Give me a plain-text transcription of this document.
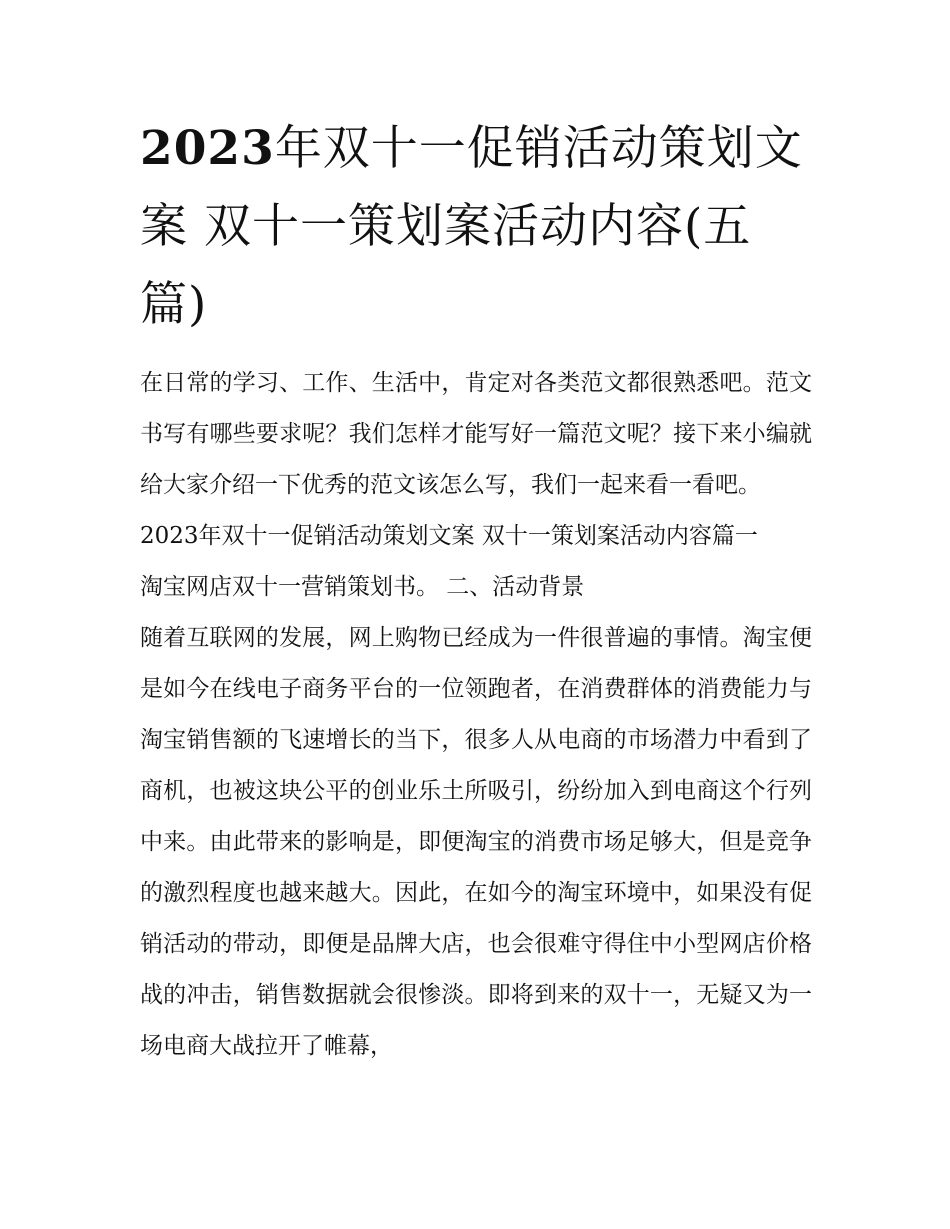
2023年双十一促销活动策划文案 双十一策划案活动内容(五篇)

在日常的学习、工作、生活中，肯定对各类范文都很熟悉吧。范文书写有哪些要求呢？我们怎样才能写好一篇范文呢？接下来小编就给大家介绍一下优秀的范文该怎么写，我们一起来看一看吧。

2023年双十一促销活动策划文案 双十一策划案活动内容篇一

淘宝网店双十一营销策划书。 二、活动背景

随着互联网的发展，网上购物已经成为一件很普遍的事情。淘宝便是如今在线电子商务平台的一位领跑者，在消费群体的消费能力与淘宝销售额的飞速增长的当下，很多人从电商的市场潜力中看到了商机，也被这块公平的创业乐土所吸引，纷纷加入到电商这个行列中来。由此带来的影响是，即便淘宝的消费市场足够大，但是竞争的激烈程度也越来越大。因此，在如今的淘宝环境中，如果没有促销活动的带动，即便是品牌大店，也会很难守得住中小型网店价格战的冲击，销售数据就会很惨淡。即将到来的双十一，无疑又为一场电商大战拉开了帷幕，
